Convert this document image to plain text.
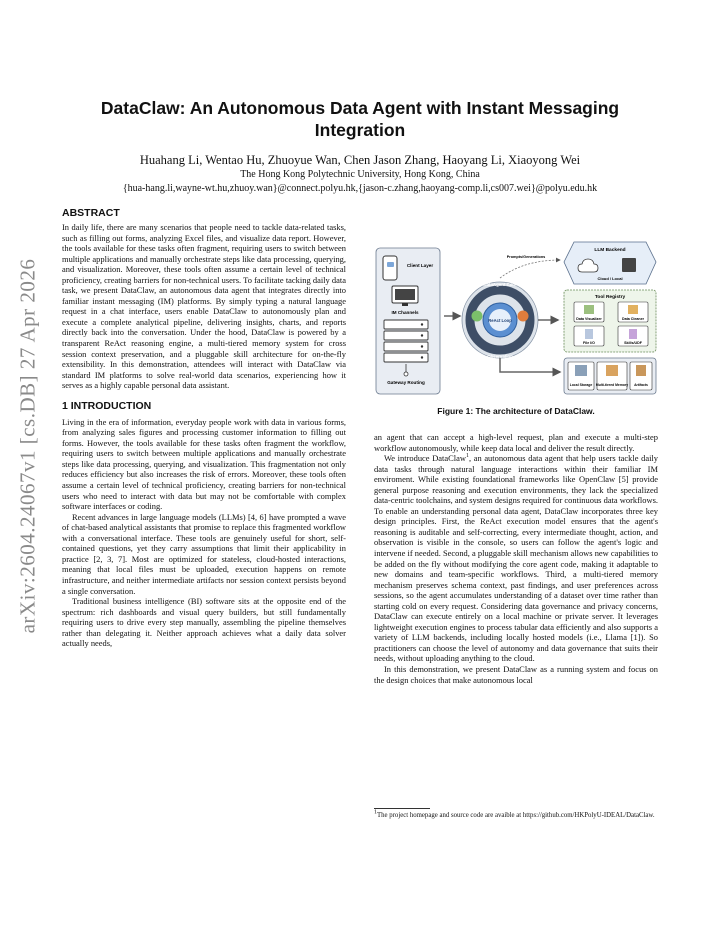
arXiv:2604.24067v1 [cs.DB] 27 Apr 2026
DataClaw: An Autonomous Data Agent with Instant Messaging Integration
Huahang Li, Wentao Hu, Zhuoyue Wan, Chen Jason Zhang, Haoyang Li, Xiaoyong Wei
The Hong Kong Polytechnic University, Hong Kong, China
{hua-hang.li,wayne-wt.hu,zhuoy.wan}@connect.polyu.hk,{jason-c.zhang,haoyang-comp.li,cs007.wei}@polyu.edu.hk
ABSTRACT

In daily life, there are many scenarios that people need to tackle data-related tasks, such as filling out forms, analyzing Excel files, and visualize data report. However, the tools available for these tasks often fragment, requiring users to switch between multiple applications and manually orchestrate steps like data processing, querying, and visualization. Moreover, these tools often assume a certain level of technical proficiency, creating barriers for non-technical users. To facilitate tacking daily data task, we present DataClaw, an autonomous data agent that integrates directly into familiar instant messaging (IM) platforms. By simply typing a natural language request in a chat interface, users enable DataClaw to autonomously plan and execute a complete analytical pipeline, delivering insights, charts, and reports directly back into the conversation. Under the hood, DataClaw is powered by a transparent ReAct reasoning engine, a multi-tiered memory system for cross session context preservation, and a pluggable skill architecture for on-the-fly extensibility. In this demonstration, attendees will interact with DataClaw via standard IM platforms to solve real-world data scenarios, experiencing how it serves as a highly capable personal data assistant.

1 INTRODUCTION

Living in the era of information, everyday people work with data in various forms, from analyzing sales figures and processing customer information to filling out forms. However, the tools available for these tasks often fragment the workflow, requiring users to switch between multiple applications and manually orchestrate steps like data processing, querying, and visualization. This fragmentation not only reduces efficiency but also increases the risk of errors. Moreover, these tools often assume a certain level of technical proficiency, creating barriers for non-technical users who need to interact with data but may not be comfortable with complex software interfaces or coding.

Recent advances in large language models (LLMs) [4, 6] have prompted a wave of chat-based analytical assistants that promise to replace this fragmented workflow with a conversational interface. These tools are genuinely useful for short, self-contained questions, yet they carry assumptions that limit their applicability in practice [2, 3, 7]. Most are optimized for stateless, cloud-hosted interactions, meaning that local files must be uploaded, execution happens on remote infrastructure, and neither intermediate artifacts nor session context persists beyond a single conversation.

Traditional business intelligence (BI) software sits at the opposite end of the spectrum: rich dashboards and visual query builders, but still fundamentally requiring users to drive every step manually, assembling the pipeline themselves rather than delegating it. Neither approach achieves what a daily data solver actually needs,

Client Layer
IM Channels
Gateway Routing
ReAct Loop
DataAgent Core
Observation
Prompts/Generations
LLM Backend
Cloud / Local
Tool Registry
Data Visualizer	Data Cleaner
File I/O	Skills/UDF
Local Storage Multi-tiered Memory Artifacts
Figure 1: The architecture of DataClaw.

an agent that can accept a high-level request, plan and execute a multi-step workflow autonomously, while keep data local and deliver the result directly.

We introduce DataClaw$^1$, an autonomous data agent that help users tackle daily data tasks through natural language interactions within their familiar IM enviroment. While existing foundational frameworks like OpenClaw [5] provide general purpose reasoning and execution environments, they lack the specialized data-centric toolchains, and system designs required for continuous data workflows. To enable an understanding personal data agent, DataClaw incorporates three key design principles. First, the ReAct execution model ensures that the agent's reasoning is auditable and self-correcting, every intermediate thought, action, and observation is visible in the console, so users can follow the agent's logic and intervene if needed. Second, a pluggable skill mechanism allows new capabilities to be added on the fly without modifying the core agent code, making it adaptable to new domains and team-specific workflows. Third, a multi-tiered memory mechanism preserves schema context, past findings, and user preferences across sessions, so the agent accumulates understanding of a dataset over time rather than starting cold on every request. Considering data governance and privacy concerns, DataClaw can execute entirely on a local machine or private server. It leverages lightweight execution engines to process tabular data efficiently and also supports a variety of LLM backends, including locally hosted models (i.e., Llama [1]). So practitioners can choose the level of autonomy and data governance that suits their needs, without uploading anything to the cloud.

In this demonstration, we present DataClaw as a running system and focus on the design choices that make autonomous local

$^1$The project homepage and source code are avaible at https://github.com/HKPolyU-IDEAL/DataClaw.
